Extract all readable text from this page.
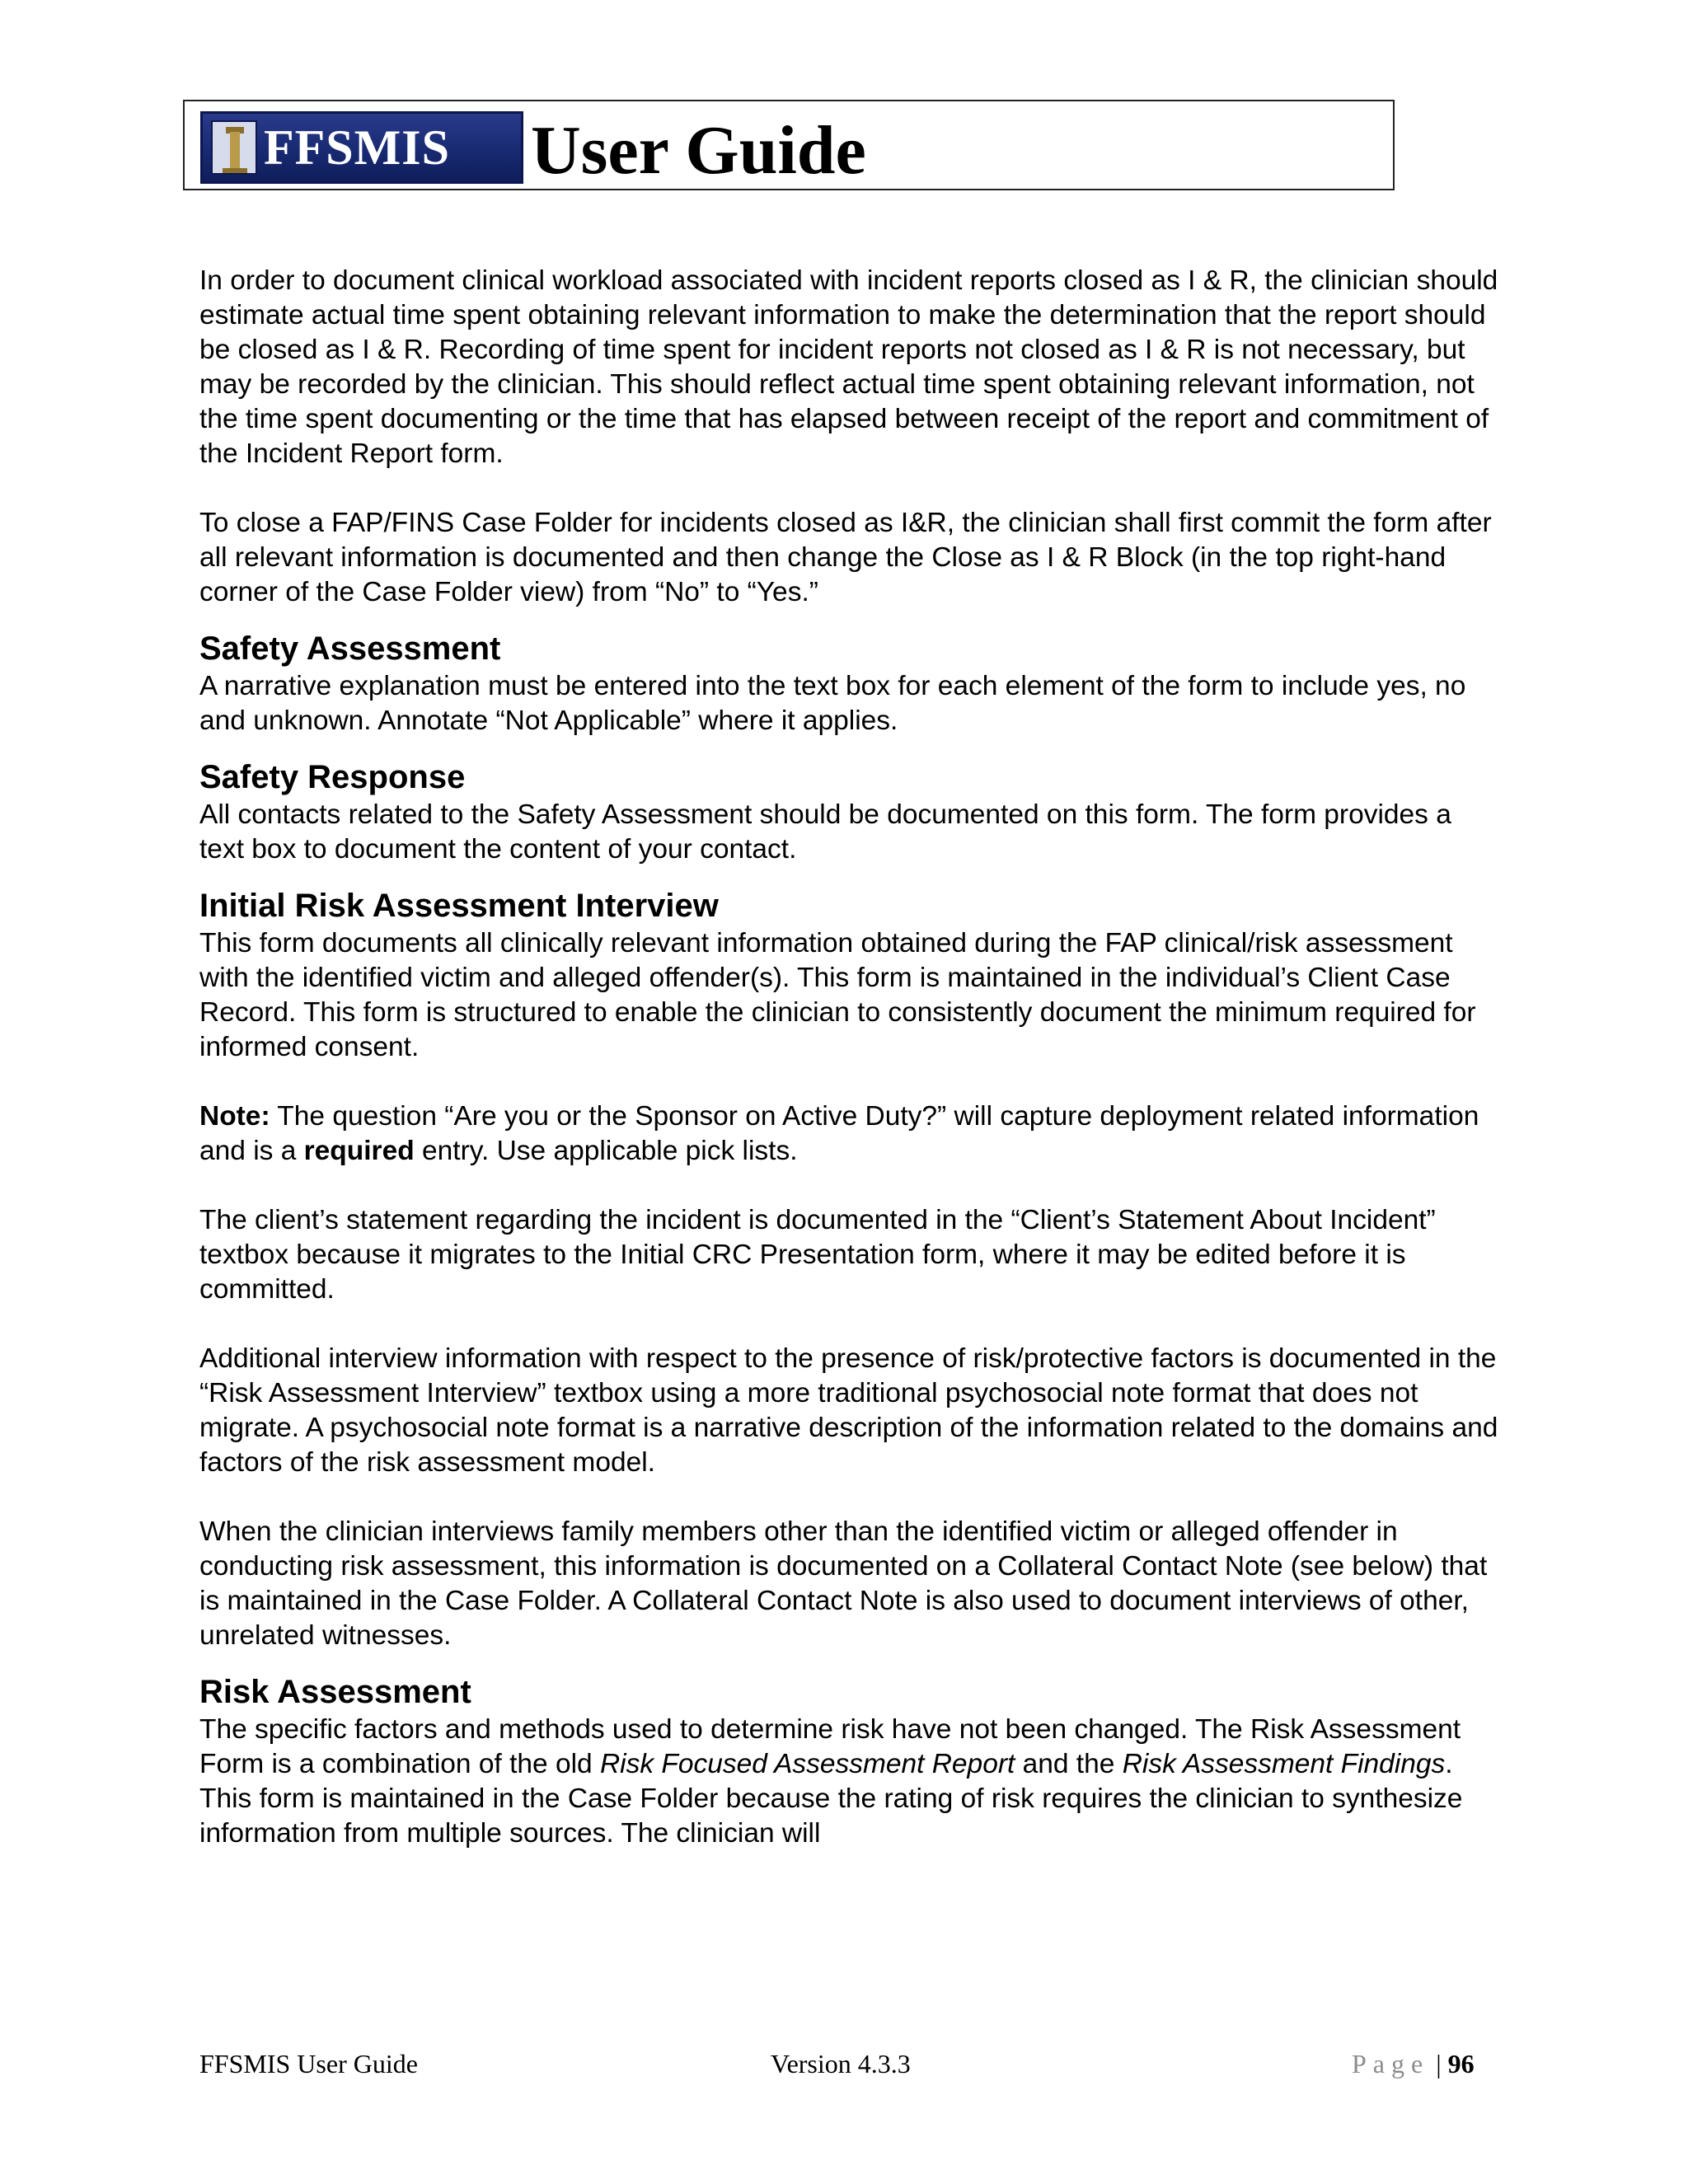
FFSMIS User Guide

In order to document clinical workload associated with incident reports closed as I & R, the clinician should estimate actual time spent obtaining relevant information to make the determination that the report should be closed as I & R. Recording of time spent for incident reports not closed as I & R is not necessary, but may be recorded by the clinician. This should reflect actual time spent obtaining relevant information, not the time spent documenting or the time that has elapsed between receipt of the report and commitment of the Incident Report form.

To close a FAP/FINS Case Folder for incidents closed as I&R, the clinician shall first commit the form after all relevant information is documented and then change the Close as I & R Block (in the top right-hand corner of the Case Folder view) from “No” to “Yes.”

Safety Assessment

A narrative explanation must be entered into the text box for each element of the form to include yes, no and unknown. Annotate “Not Applicable” where it applies.

Safety Response

All contacts related to the Safety Assessment should be documented on this form. The form provides a text box to document the content of your contact.

Initial Risk Assessment Interview

This form documents all clinically relevant information obtained during the FAP clinical/risk assessment with the identified victim and alleged offender(s). This form is maintained in the individual’s Client Case Record. This form is structured to enable the clinician to consistently document the minimum required for informed consent.

Note: The question “Are you or the Sponsor on Active Duty?” will capture deployment related information and is a required entry. Use applicable pick lists.

The client’s statement regarding the incident is documented in the “Client’s Statement About Incident” textbox because it migrates to the Initial CRC Presentation form, where it may be edited before it is committed.

Additional interview information with respect to the presence of risk/protective factors is documented in the “Risk Assessment Interview” textbox using a more traditional psychosocial note format that does not migrate. A psychosocial note format is a narrative description of the information related to the domains and factors of the risk assessment model.

When the clinician interviews family members other than the identified victim or alleged offender in conducting risk assessment, this information is documented on a Collateral Contact Note (see below) that is maintained in the Case Folder. A Collateral Contact Note is also used to document interviews of other, unrelated witnesses.

Risk Assessment

The specific factors and methods used to determine risk have not been changed. The Risk Assessment Form is a combination of the old Risk Focused Assessment Report and the Risk Assessment Findings. This form is maintained in the Case Folder because the rating of risk requires the clinician to synthesize information from multiple sources. The clinician will

FFSMIS User Guide	Version 4.3.3	Page | 96
